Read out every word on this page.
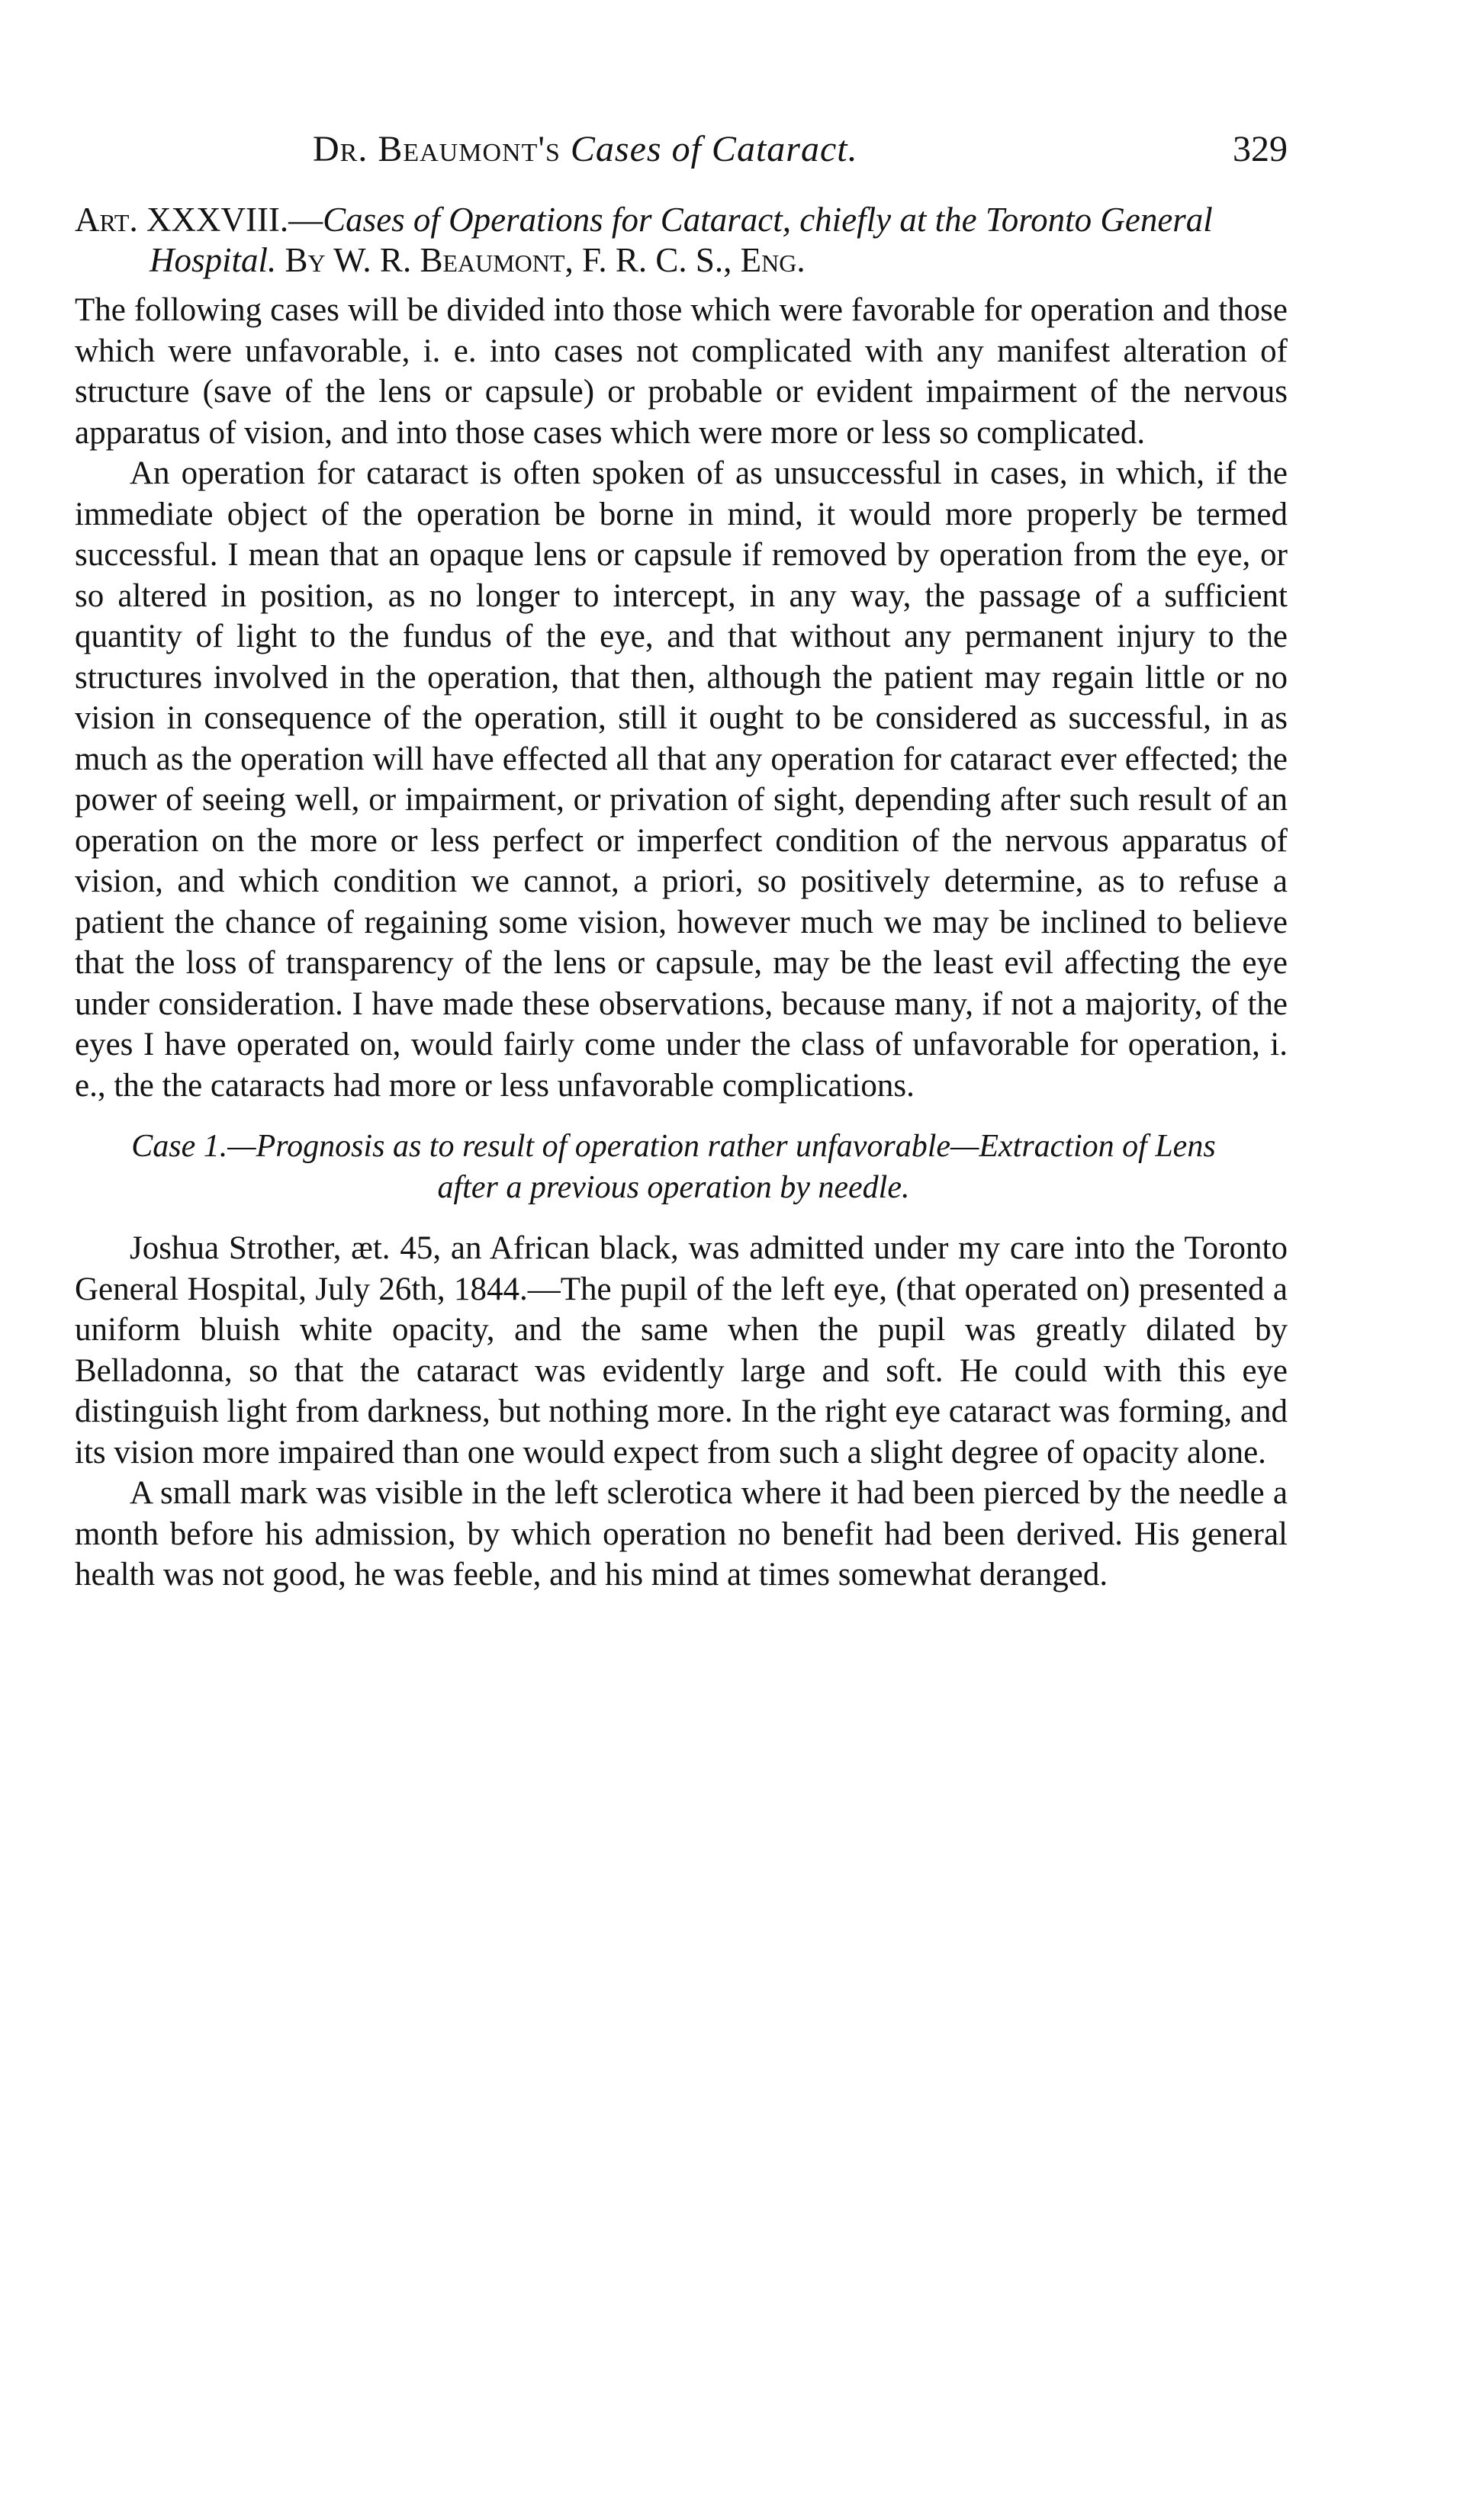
Dr. Beaumont's Cases of Cataract.	329

Art. XXXVIII.—Cases of Operations for Cataract, chiefly at the Toronto General Hospital. By W. R. Beaumont, F. R. C. S., Eng.

The following cases will be divided into those which were favorable for operation and those which were unfavorable, i. e. into cases not complicated with any manifest alteration of structure (save of the lens or capsule) or probable or evident impairment of the nervous apparatus of vision, and into those cases which were more or less so complicated.

An operation for cataract is often spoken of as unsuccessful in cases, in which, if the immediate object of the operation be borne in mind, it would more properly be termed successful. I mean that an opaque lens or capsule if removed by operation from the eye, or so altered in position, as no longer to intercept, in any way, the passage of a sufficient quantity of light to the fundus of the eye, and that without any permanent injury to the structures involved in the operation, that then, although the patient may regain little or no vision in consequence of the operation, still it ought to be considered as successful, in as much as the operation will have effected all that any operation for cataract ever effected; the power of seeing well, or impairment, or privation of sight, depending after such result of an operation on the more or less perfect or imperfect condition of the nervous apparatus of vision, and which condition we cannot, a priori, so positively determine, as to refuse a patient the chance of regaining some vision, however much we may be inclined to believe that the loss of transparency of the lens or capsule, may be the least evil affecting the eye under consideration. I have made these observations, because many, if not a majority, of the eyes I have operated on, would fairly come under the class of unfavorable for operation, i. e., the the cataracts had more or less unfavorable complications.

Case 1.—Prognosis as to result of operation rather unfavorable—Extraction of Lens after a previous operation by needle.

Joshua Strother, æt. 45, an African black, was admitted under my care into the Toronto General Hospital, July 26th, 1844.—The pupil of the left eye, (that operated on) presented a uniform bluish white opacity, and the same when the pupil was greatly dilated by Belladonna, so that the cataract was evidently large and soft. He could with this eye distinguish light from darkness, but nothing more. In the right eye cataract was forming, and its vision more impaired than one would expect from such a slight degree of opacity alone.

A small mark was visible in the left sclerotica where it had been pierced by the needle a month before his admission, by which operation no benefit had been derived. His general health was not good, he was feeble, and his mind at times somewhat deranged.
